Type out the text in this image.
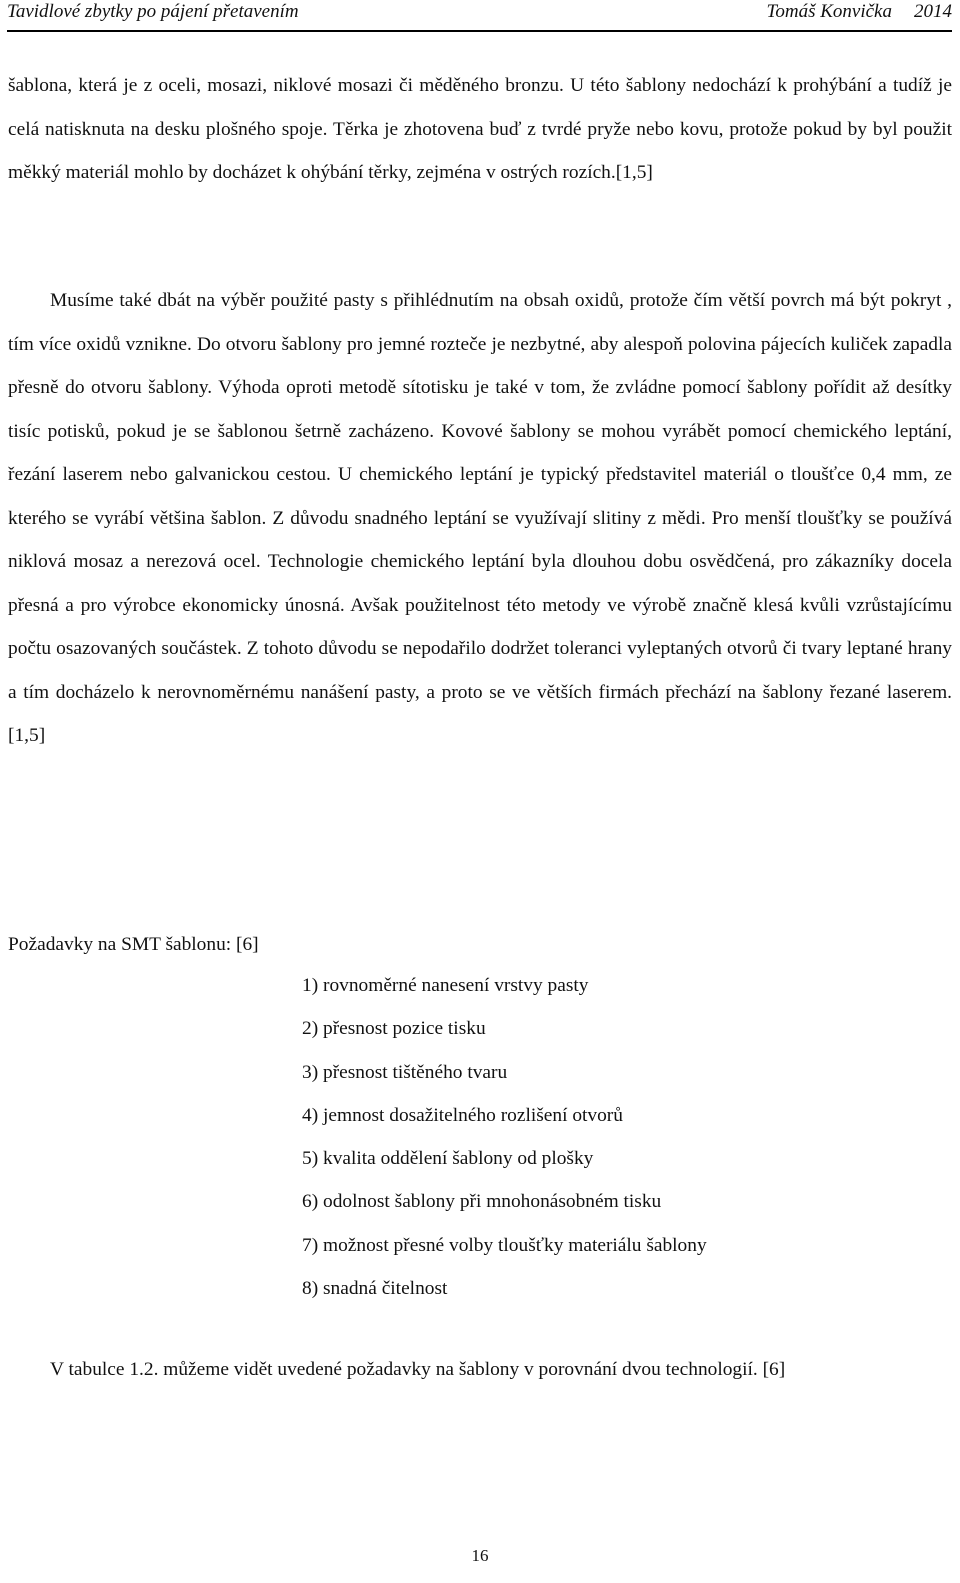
Tavidlové zbytky po pájení přetavením	Tomáš Konvička 2014

šablona, která je z oceli, mosazi, niklové mosazi či měděného bronzu. U této šablony nedochází k prohýbání a tudíž je celá natisknuta na desku plošného spoje. Těrka je zhotovena buď z tvrdé pryže nebo kovu, protože pokud by byl použit měkký materiál mohlo by docházet k ohýbání těrky, zejména v ostrých rozích.[1,5]

Musíme také dbát na výběr použité pasty s přihlédnutím na obsah oxidů, protože čím větší povrch má být pokryt , tím více oxidů vznikne. Do otvoru šablony pro jemné rozteče je nezbytné, aby alespoň polovina pájecích kuliček zapadla přesně do otvoru šablony. Výhoda oproti metodě sítotisku je také v tom, že zvládne pomocí šablony pořídit až desítky tisíc potisků, pokud je se šablonou šetrně zacházeno. Kovové šablony se mohou vyrábět pomocí chemického leptání, řezání laserem nebo galvanickou cestou. U chemického leptání je typický představitel materiál o tloušťce 0,4 mm, ze kterého se vyrábí většina šablon. Z důvodu snadného leptání se využívají slitiny z mědi. Pro menší tloušťky se používá niklová mosaz a nerezová ocel. Technologie chemického leptání byla dlouhou dobu osvědčená, pro zákazníky docela přesná a pro výrobce ekonomicky únosná. Avšak použitelnost této metody ve výrobě značně klesá kvůli vzrůstajícímu počtu osazovaných součástek. Z tohoto důvodu se nepodařilo dodržet toleranci vyleptaných otvorů či tvary leptané hrany a tím docházelo k nerovnoměrnému nanášení pasty, a proto se ve větších firmách přechází na šablony řezané laserem.[1,5]

Požadavky na SMT šablonu: [6]
1) rovnoměrné nanesení vrstvy pasty
2) přesnost pozice tisku
3) přesnost tištěného tvaru
4) jemnost dosažitelného rozlišení otvorů
5) kvalita oddělení šablony od plošky
6) odolnost šablony při mnohonásobném tisku
7) možnost přesné volby tloušťky materiálu šablony
8) snadná čitelnost

V tabulce 1.2. můžeme vidět uvedené požadavky na šablony v porovnání dvou technologií. [6]

16
